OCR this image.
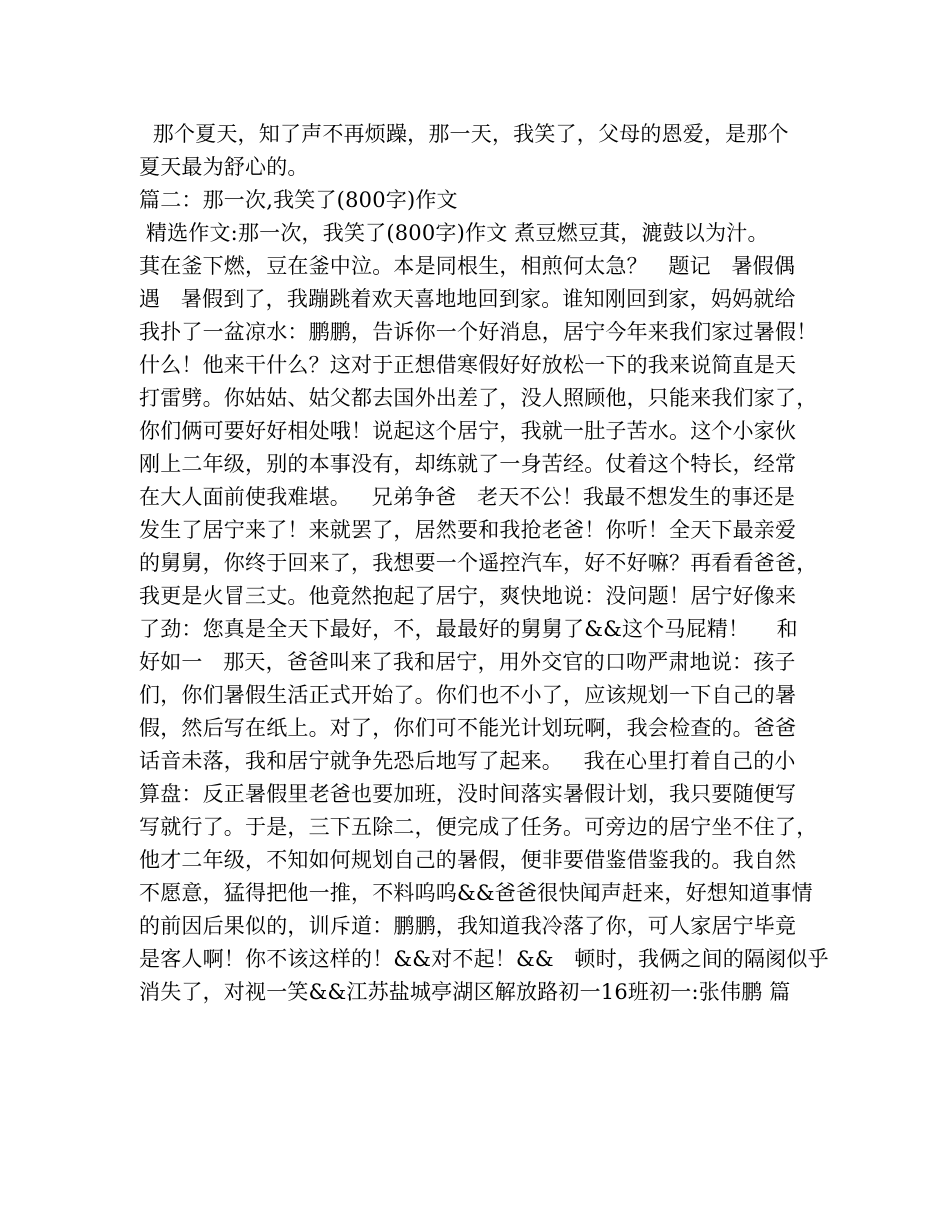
那个夏天，知了声不再烦躁，那一天，我笑了，父母的恩爱，是那个
夏天最为舒心的。
篇二：那一次,我笑了(800字)作文
精选作文:那一次，我笑了(800字)作文 煮豆燃豆萁，漉鼓以为汁。
萁在釜下燃，豆在釜中泣。本是同根生，相煎何太急？   题记   暑假偶
遇   暑假到了，我蹦跳着欢天喜地地回到家。谁知刚回到家，妈妈就给
我扑了一盆凉水：鹏鹏，告诉你一个好消息，居宁今年来我们家过暑假！
什么！他来干什么？这对于正想借寒假好好放松一下的我来说简直是天
打雷劈。你姑姑、姑父都去国外出差了，没人照顾他，只能来我们家了，
你们俩可要好好相处哦！说起这个居宁，我就一肚子苦水。这个小家伙
刚上二年级，别的本事没有，却练就了一身苦经。仗着这个特长，经常
在大人面前使我难堪。   兄弟争爸   老天不公！我最不想发生的事还是
发生了居宁来了！来就罢了，居然要和我抢老爸！你听！全天下最亲爱
的舅舅，你终于回来了，我想要一个遥控汽车，好不好嘛？再看看爸爸，
我更是火冒三丈。他竟然抱起了居宁，爽快地说：没问题！居宁好像来
了劲：您真是全天下最好，不，最最好的舅舅了&&这个马屁精！    和
好如一   那天，爸爸叫来了我和居宁，用外交官的口吻严肃地说：孩子
们，你们暑假生活正式开始了。你们也不小了，应该规划一下自己的暑
假，然后写在纸上。对了，你们可不能光计划玩啊，我会检查的。爸爸
话音未落，我和居宁就争先恐后地写了起来。   我在心里打着自己的小
算盘：反正暑假里老爸也要加班，没时间落实暑假计划，我只要随便写
写就行了。于是，三下五除二，便完成了任务。可旁边的居宁坐不住了，
他才二年级，不知如何规划自己的暑假，便非要借鉴借鉴我的。我自然
不愿意，猛得把他一推，不料呜呜&&爸爸很快闻声赶来，好想知道事情
的前因后果似的，训斥道：鹏鹏，我知道我冷落了你，可人家居宁毕竟
是客人啊！你不该这样的！&&对不起！&&   顿时，我俩之间的隔阂似乎
消失了，对视一笑&&江苏盐城亭湖区解放路初一16班初一:张伟鹏 篇
